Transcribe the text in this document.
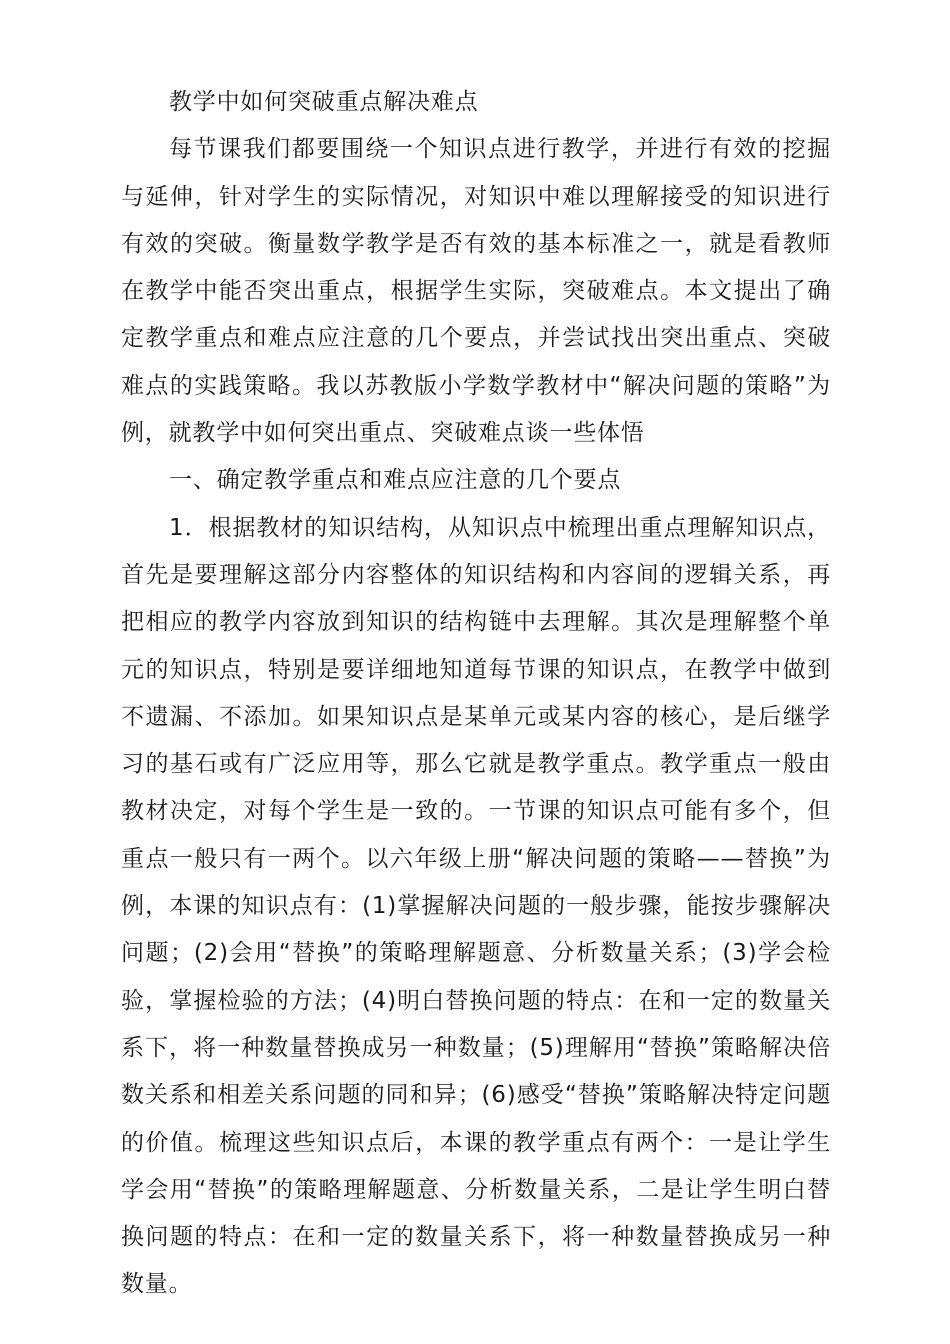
教学中如何突破重点解决难点

每节课我们都要围绕一个知识点进行教学，并进行有效的挖掘与延伸，针对学生的实际情况，对知识中难以理解接受的知识进行有效的突破。衡量数学教学是否有效的基本标准之一，就是看教师在教学中能否突出重点，根据学生实际，突破难点。本文提出了确定教学重点和难点应注意的几个要点，并尝试找出突出重点、突破难点的实践策略。我以苏教版小学数学教材中“解决问题的策略”为例，就教学中如何突出重点、突破难点谈一些体悟

一、确定教学重点和难点应注意的几个要点

1．根据教材的知识结构，从知识点中梳理出重点理解知识点，首先是要理解这部分内容整体的知识结构和内容间的逻辑关系，再把相应的教学内容放到知识的结构链中去理解。其次是理解整个单元的知识点，特别是要详细地知道每节课的知识点，在教学中做到不遗漏、不添加。如果知识点是某单元或某内容的核心，是后继学习的基石或有广泛应用等，那么它就是教学重点。教学重点一般由教材决定，对每个学生是一致的。一节课的知识点可能有多个，但重点一般只有一两个。以六年级上册“解决问题的策略——替换”为例，本课的知识点有：(1)掌握解决问题的一般步骤，能按步骤解决问题；(2)会用“替换”的策略理解题意、分析数量关系；(3)学会检验，掌握检验的方法；(4)明白替换问题的特点：在和一定的数量关系下，将一种数量替换成另一种数量；(5)理解用“替换”策略解决倍数关系和相差关系问题的同和异；(6)感受“替换”策略解决特定问题的价值。梳理这些知识点后，本课的教学重点有两个：一是让学生学会用“替换”的策略理解题意、分析数量关系，二是让学生明白替换问题的特点：在和一定的数量关系下，将一种数量替换成另一种数量。
